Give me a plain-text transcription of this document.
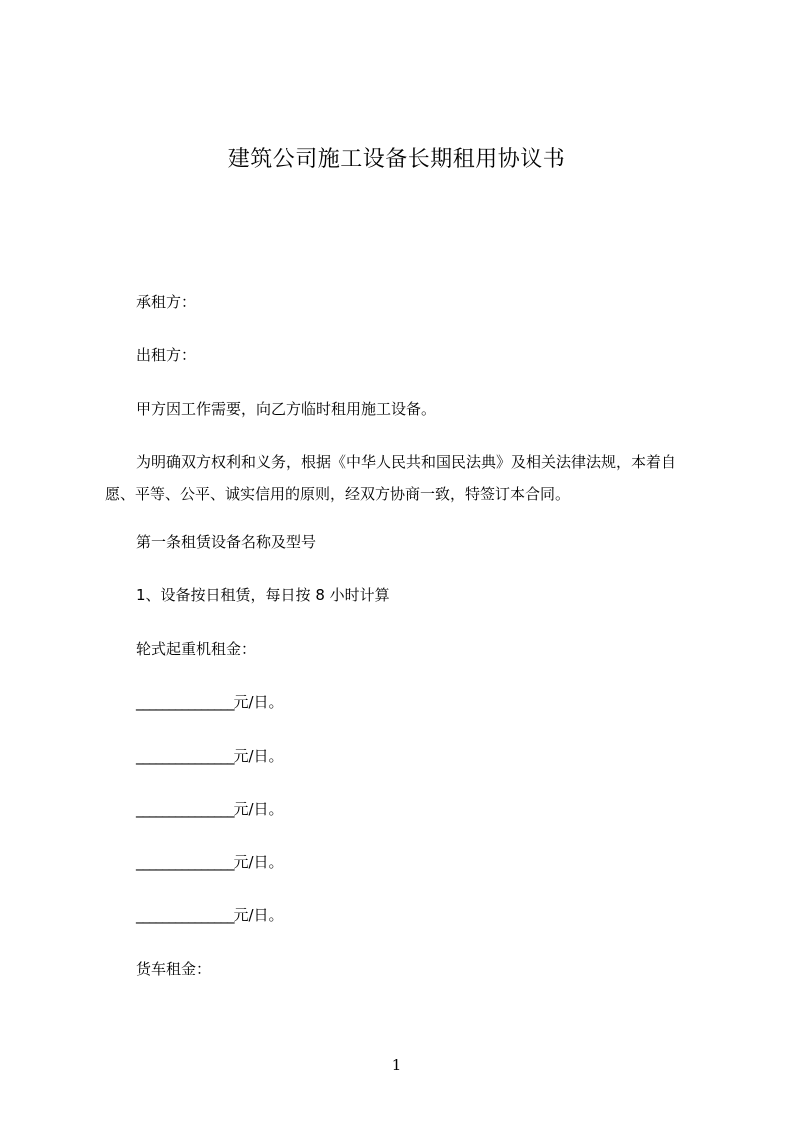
建筑公司施工设备长期租用协议书
承租方：
出租方：
甲方因工作需要，向乙方临时租用施工设备。
为明确双方权利和义务，根据《中华人民共和国民法典》及相关法律法规，本着自愿、平等、公平、诚实信用的原则，经双方协商一致，特签订本合同。
第一条租赁设备名称及型号
1、设备按日租赁，每日按 8 小时计算
轮式起重机租金：
_______________元/日。
_______________元/日。
_______________元/日。
_______________元/日。
_______________元/日。
货车租金：
1
